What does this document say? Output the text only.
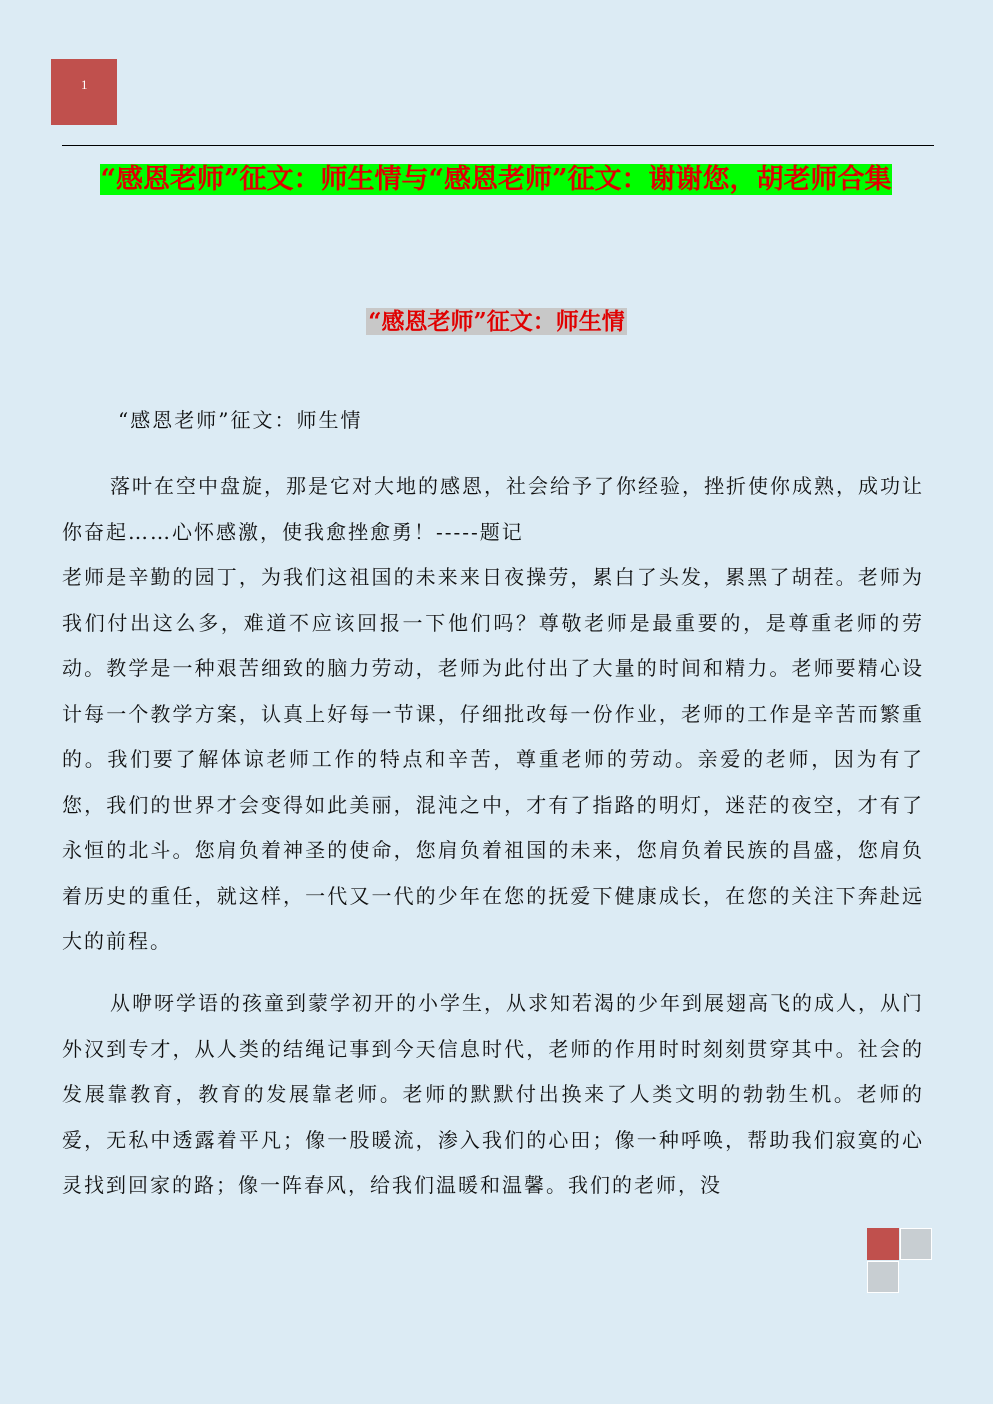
1
“感恩老师”征文：师生情与“感恩老师”征文：谢谢您，胡老师合集
“感恩老师”征文：师生情

“感恩老师”征文：师生情

落叶在空中盘旋，那是它对大地的感恩，社会给予了你经验，挫折使你成熟，成功让你奋起……心怀感激，使我愈挫愈勇！-----题记
老师是辛勤的园丁，为我们这祖国的未来来日夜操劳，累白了头发，累黑了胡茬。老师为我们付出这么多，难道不应该回报一下他们吗？尊敬老师是最重要的，是尊重老师的劳动。教学是一种艰苦细致的脑力劳动，老师为此付出了大量的时间和精力。老师要精心设计每一个教学方案，认真上好每一节课，仔细批改每一份作业，老师的工作是辛苦而繁重的。我们要了解体谅老师工作的特点和辛苦，尊重老师的劳动。亲爱的老师，因为有了您，我们的世界才会变得如此美丽，混沌之中，才有了指路的明灯，迷茫的夜空，才有了永恒的北斗。您肩负着神圣的使命，您肩负着祖国的未来，您肩负着民族的昌盛，您肩负着历史的重任，就这样，一代又一代的少年在您的抚爱下健康成长，在您的关注下奔赴远大的前程。
从咿呀学语的孩童到蒙学初开的小学生，从求知若渴的少年到展翅高飞的成人，从门外汉到专才，从人类的结绳记事到今天信息时代，老师的作用时时刻刻贯穿其中。社会的发展靠教育，教育的发展靠老师。老师的默默付出换来了人类文明的勃勃生机。老师的爱，无私中透露着平凡；像一股暖流，渗入我们的心田；像一种呼唤，帮助我们寂寞的心灵找到回家的路；像一阵春风，给我们温暖和温馨。我们的老师，没
